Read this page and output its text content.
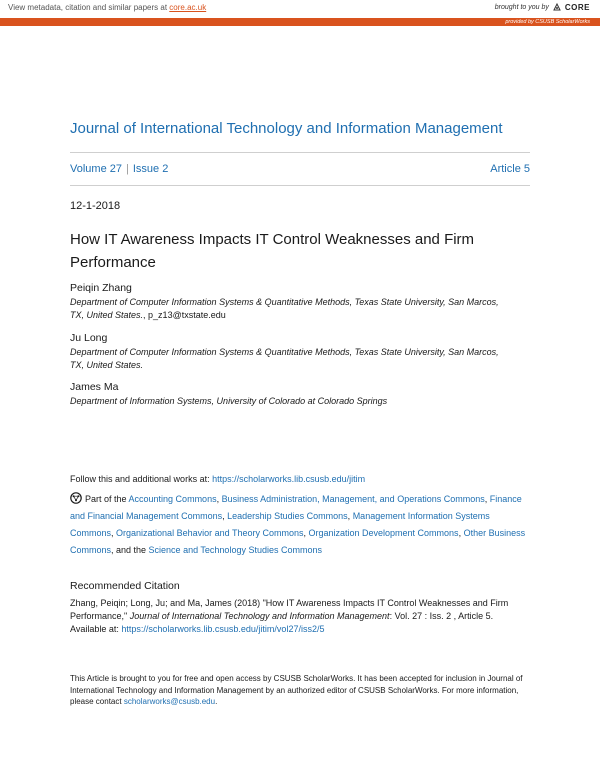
View metadata, citation and similar papers at core.ac.uk	brought to you by CORE
provided by CSUSB ScholarWorks
Journal of International Technology and Information Management
Volume 27 | Issue 2	Article 5
12-1-2018
How IT Awareness Impacts IT Control Weaknesses and Firm Performance
Peiqin Zhang
Department of Computer Information Systems & Quantitative Methods, Texas State University, San Marcos, TX, United States., p_z13@txstate.edu
Ju Long
Department of Computer Information Systems & Quantitative Methods, Texas State University, San Marcos, TX, United States.
James Ma
Department of Information Systems, University of Colorado at Colorado Springs
Follow this and additional works at: https://scholarworks.lib.csusb.edu/jitim
Part of the Accounting Commons, Business Administration, Management, and Operations Commons, Finance and Financial Management Commons, Leadership Studies Commons, Management Information Systems Commons, Organizational Behavior and Theory Commons, Organization Development Commons, Other Business Commons, and the Science and Technology Studies Commons
Recommended Citation
Zhang, Peiqin; Long, Ju; and Ma, James (2018) "How IT Awareness Impacts IT Control Weaknesses and Firm Performance," Journal of International Technology and Information Management: Vol. 27 : Iss. 2 , Article 5.
Available at: https://scholarworks.lib.csusb.edu/jitim/vol27/iss2/5
This Article is brought to you for free and open access by CSUSB ScholarWorks. It has been accepted for inclusion in Journal of International Technology and Information Management by an authorized editor of CSUSB ScholarWorks. For more information, please contact scholarworks@csusb.edu.
